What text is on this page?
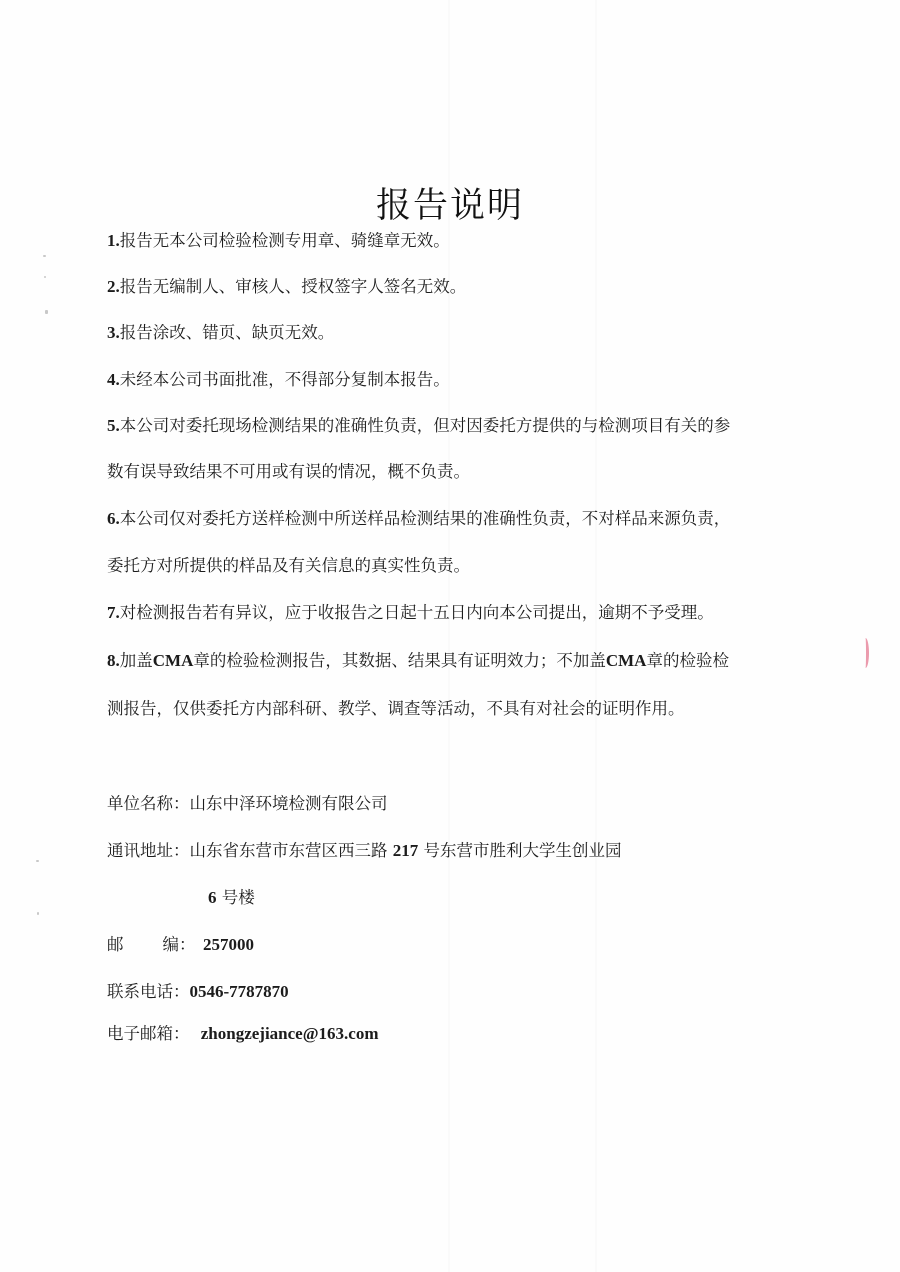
报告说明
1.报告无本公司检验检测专用章、骑缝章无效。
2.报告无编制人、审核人、授权签字人签名无效。
3.报告涂改、错页、缺页无效。
4.未经本公司书面批准，不得部分复制本报告。
5.本公司对委托现场检测结果的准确性负责，但对因委托方提供的与检测项目有关的参
数有误导致结果不可用或有误的情况，概不负责。
6.本公司仅对委托方送样检测中所送样品检测结果的准确性负责，不对样品来源负责，
委托方对所提供的样品及有关信息的真实性负责。
7.对检测报告若有异议，应于收报告之日起十五日内向本公司提出，逾期不予受理。
8.加盖CMA章的检验检测报告，其数据、结果具有证明效力；不加盖CMA章的检验检
测报告，仅供委托方内部科研、教学、调查等活动，不具有对社会的证明作用。
单位名称：山东中泽环境检测有限公司
通讯地址：山东省东营市东营区西三路 217 号东营市胜利大学生创业园
6 号楼
邮 编： 257000
联系电话：0546-7787870
电子邮箱： zhongzejiance@163.com
